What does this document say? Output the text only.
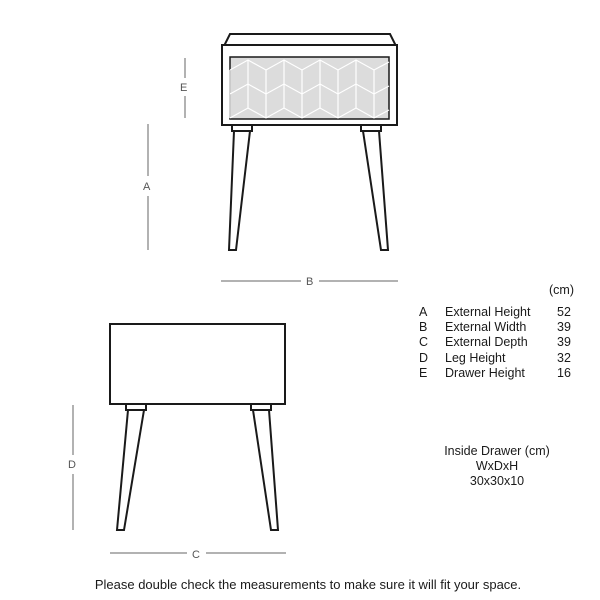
E
A
B
D
C
(cm)
A	External Height	52
B	External Width	39
C	External Depth	39
D	Leg Height	32
E	Drawer Height	16
Inside Drawer (cm)
WxDxH
30x30x10
Please double check the measurements to make sure it will fit your space.
